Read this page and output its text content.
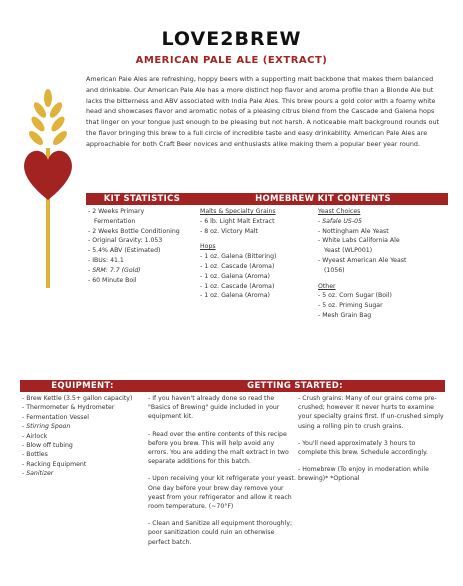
LOVE2BREW
AMERICAN PALE ALE (EXTRACT)
American Pale Ales are refreshing, hoppy beers with a supporting malt backbone that makes them balanced and drinkable. Our American Pale Ale has a more distinct hop flavor and aroma profile than a Blonde Ale but lacks the bitterness and ABV associated with India Pale Ales. This brew pours a gold color with a foamy white head and showcases flavor and aromatic notes of a pleasing citrus blend from the Cascade and Galena hops that linger on your tongue just enough to be pleasing but not harsh. A noticeable malt background rounds out the flavor bringing this brew to a full circle of incredible taste and easy drinkability. American Pale Ales are approachable for both Craft Beer novices and enthusiasts alike making them a popular beer year round.
KIT STATISTICS	HOMEBREW KIT CONTENTS
- 2 Weeks Primary
Fermentation
- 2 Weeks Bottle Conditioning
- Original Gravity: 1.053
- 5.4% ABV (Estimated)
- IBUs: 41.1
- SRM: 7.7 (Gold)
- 60 Minute Boil
Malts & Specialty Grains
- 6 lb. Light Malt Extract
- 8 oz. Victory Malt
Hops
- 1 oz. Galena (Bittering)
- 1 oz. Cascade (Aroma)
- 1 oz. Galena (Aroma)
- 1 oz. Cascade (Aroma)
- 1 oz. Galena (Aroma)
Yeast Choices
- Safale US-05
- Nottingham Ale Yeast
- White Labs California Ale
Yeast (WLP001)
- Wyeast American Ale Yeast
(1056)
Other
- 5 oz. Corn Sugar (Boil)
- 5 oz. Priming Sugar
- Mesh Grain Bag
EQUIPMENT:	GETTING STARTED:
- Brew Kettle (3.5+ gallon capacity)
- Thermometer & Hydrometer
- Fermentation Vessel
- Stirring Spoon
- Airlock
- Blow off tubing
- Bottles
- Racking Equipment
- Sanitizer
- If you haven't already done so read the "Basics of Brewing" guide included in your equipment kit.
- Read over the entire contents of this recipe before you brew. This will help avoid any errors. You are adding the malt extract in two separate additions for this batch.
- Upon receiving your kit refrigerate your yeast. One day before your brew day remove your yeast from your refrigerator and allow it reach room temperature. (~70°F)
- Clean and Sanitize all equipment thoroughly; poor sanitization could ruin an otherwise perfect batch.
- Crush grains: Many of our grains come pre-crushed; however it never hurts to examine your specialty grains first. If un-crushed simply using a rolling pin to crush grains.
- You'll need approximately 3 hours to complete this brew. Schedule accordingly.
- Homebrew (To enjoy in moderation while brewing)* *Optional
